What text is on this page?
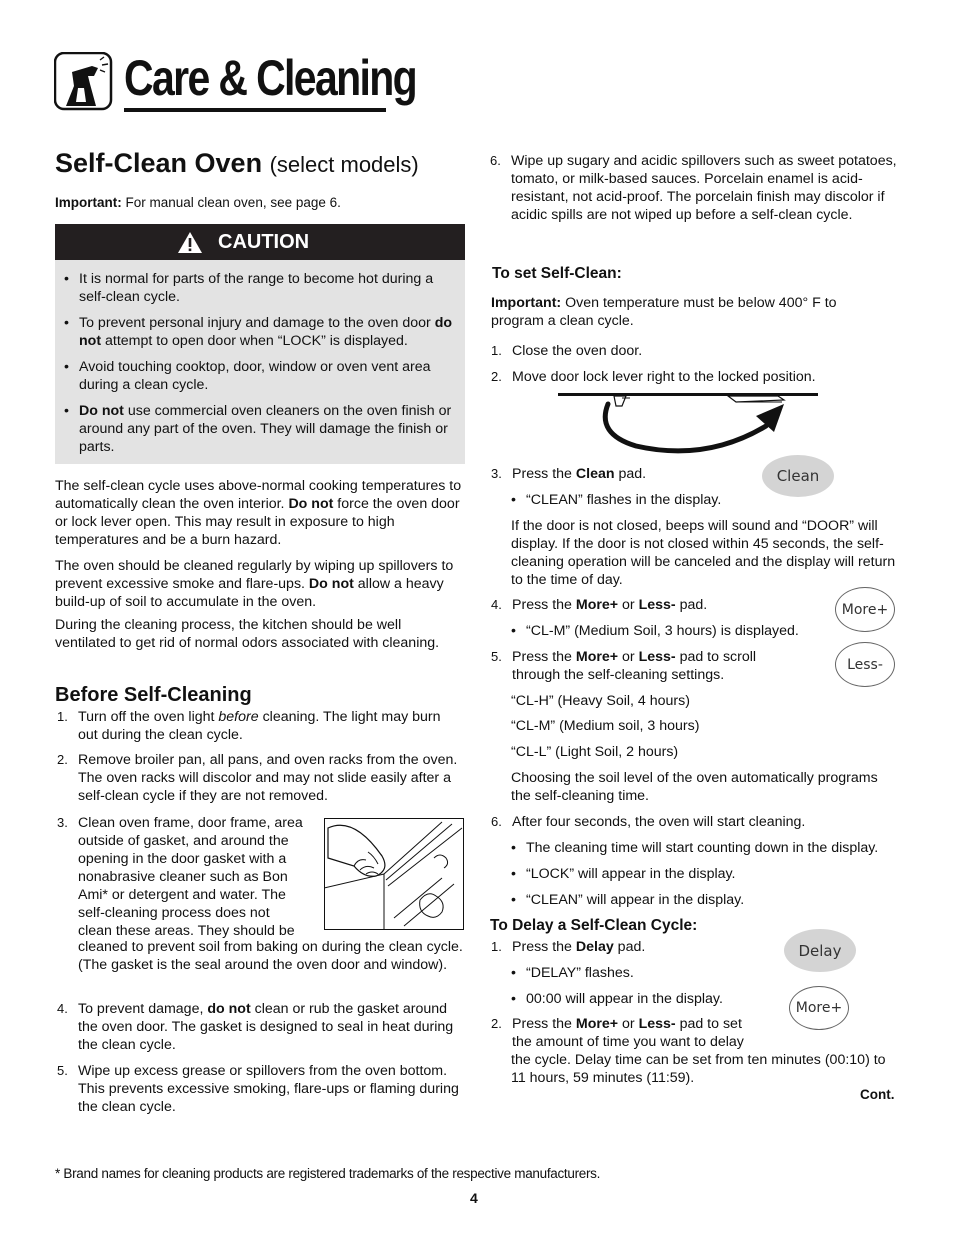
Care & Cleaning
Self-Clean Oven (select models)
Important: For manual clean oven, see page 6.
CAUTION
• It is normal for parts of the range to become hot during a self-clean cycle.
• To prevent personal injury and damage to the oven door do not attempt to open door when “LOCK” is displayed.
• Avoid touching cooktop, door, window or oven vent area during a clean cycle.
• Do not use commercial oven cleaners on the oven finish or around any part of the oven. They will damage the finish or parts.
The self-clean cycle uses above-normal cooking temperatures to automatically clean the oven interior. Do not force the oven door or lock lever open. This may result in exposure to high temperatures and be a burn hazard.
The oven should be cleaned regularly by wiping up spillovers to prevent excessive smoke and flare-ups. Do not allow a heavy build-up of soil to accumulate in the oven.
During the cleaning process, the kitchen should be well ventilated to get rid of normal odors associated with cleaning.
Before Self-Cleaning
1. Turn off the oven light before cleaning. The light may burn out during the clean cycle.
2. Remove broiler pan, all pans, and oven racks from the oven. The oven racks will discolor and may not slide easily after a self-clean cycle if they are not removed.
3. Clean oven frame, door frame, area outside of gasket, and around the opening in the door gasket with a nonabrasive cleaner such as Bon Ami* or detergent and water. The self-cleaning process does not clean these areas. They should be
cleaned to prevent soil from baking on during the clean cycle. (The gasket is the seal around the oven door and window).
4. To prevent damage, do not clean or rub the gasket around the oven door. The gasket is designed to seal in heat during the clean cycle.
5. Wipe up excess grease or spillovers from the oven bottom. This prevents excessive smoking, flare-ups or flaming during the clean cycle.
6. Wipe up sugary and acidic spillovers such as sweet potatoes, tomato, or milk-based sauces. Porcelain enamel is acid-resistant, not acid-proof. The porcelain finish may discolor if acidic spills are not wiped up before a self-clean cycle.
To set Self-Clean:
Important: Oven temperature must be below 400° F to program a clean cycle.
1. Close the oven door.
2. Move door lock lever right to the locked position.
3. Press the Clean pad.	Clean
• “CLEAN” flashes in the display.
If the door is not closed, beeps will sound and “DOOR” will display. If the door is not closed within 45 seconds, the self-cleaning operation will be canceled and the display will return to the time of day.
4. Press the More+ or Less- pad.	More+
• “CL-M” (Medium Soil, 3 hours) is displayed.
5. Press the More+ or Less- pad to scroll through the self-cleaning settings.
Less-
“CL-H” (Heavy Soil, 4 hours)
“CL-M” (Medium soil, 3 hours)
“CL-L” (Light Soil, 2 hours)
Choosing the soil level of the oven automatically programs the self-cleaning time.
6. After four seconds, the oven will start cleaning.
• The cleaning time will start counting down in the display.
• “LOCK” will appear in the display.
• “CLEAN” will appear in the display.
To Delay a Self-Clean Cycle:
1. Press the Delay pad.	Delay
• “DELAY” flashes.
• 00:00 will appear in the display.
More+
2. Press the More+ or Less- pad to set the amount of time you want to delay
the cycle. Delay time can be set from ten minutes (00:10) to 11 hours, 59 minutes (11:59).
Cont.
* Brand names for cleaning products are registered trademarks of the respective manufacturers.
4
